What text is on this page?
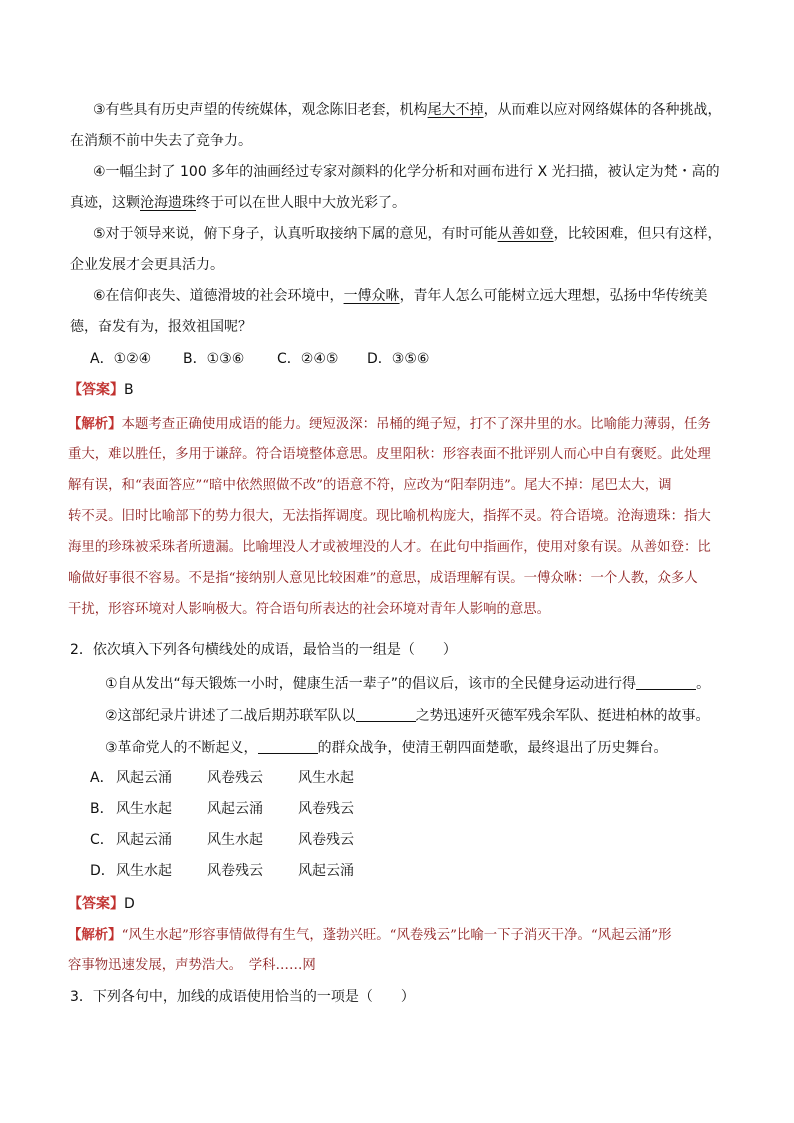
③有些具有历史声望的传统媒体，观念陈旧老套，机构尾大不掉，从而难以应对网络媒体的各种挑战，
在消颓不前中失去了竞争力。
④一幅尘封了 100 多年的油画经过专家对颜料的化学分析和对画布进行 X 光扫描，被认定为梵・高的
真迹，这颗沧海遗珠终于可以在世人眼中大放光彩了。
⑤对于领导来说，俯下身子，认真听取接纳下属的意见，有时可能从善如登，比较困难，但只有这样，
企业发展才会更具活力。
⑥在信仰丧失、道德滑坡的社会环境中，一傅众咻，青年人怎么可能树立远大理想，弘扬中华传统美
德，奋发有为，报效祖国呢？
A．①②④ B．①③⑥ C．②④⑤ D．③⑤⑥
【答案】B
【解析】本题考查正确使用成语的能力。绠短汲深：吊桶的绳子短，打不了深井里的水。比喻能力薄弱，任务
重大，难以胜任，多用于谦辞。符合语境整体意思。皮里阳秋：形容表面不批评别人而心中自有褒贬。此处理
解有误，和“表面答应”“暗中依然照做不改”的语意不符，应改为“阳奉阴违”。尾大不掉：尾巴太大，调
转不灵。旧时比喻部下的势力很大，无法指挥调度。现比喻机构庞大，指挥不灵。符合语境。沧海遗珠：指大
海里的珍珠被采珠者所遗漏。比喻埋没人才或被埋没的人才。在此句中指画作，使用对象有误。从善如登：比
喻做好事很不容易。不是指“接纳别人意见比较困难”的意思，成语理解有误。一傅众咻：一个人教，众多人
干扰，形容环境对人影响极大。符合语句所表达的社会环境对青年人影响的意思。
2．依次填入下列各句横线处的成语，最恰当的一组是（　　）
①自从发出“每天锻炼一小时，健康生活一辈子”的倡议后，该市的全民健身运动进行得	。
②这部纪录片讲述了二战后期苏联军队以	之势迅速歼灭德军残余军队、挺进柏林的故事。
③革命党人的不断起义，	的群众战争，使清王朝四面楚歌，最终退出了历史舞台。
A． 风起云涌	风卷残云	风生水起
B． 风生水起	风起云涌	风卷残云
C． 风起云涌	风生水起	风卷残云
D．风生水起	风卷残云	风起云涌
【答案】D
【解析】“风生水起”形容事情做得有生气，蓬勃兴旺。“风卷残云”比喻一下子消灭干净。“风起云涌”形
容事物迅速发展，声势浩大。　学科……网
3．下列各句中，加线的成语使用恰当的一项是（　　）
